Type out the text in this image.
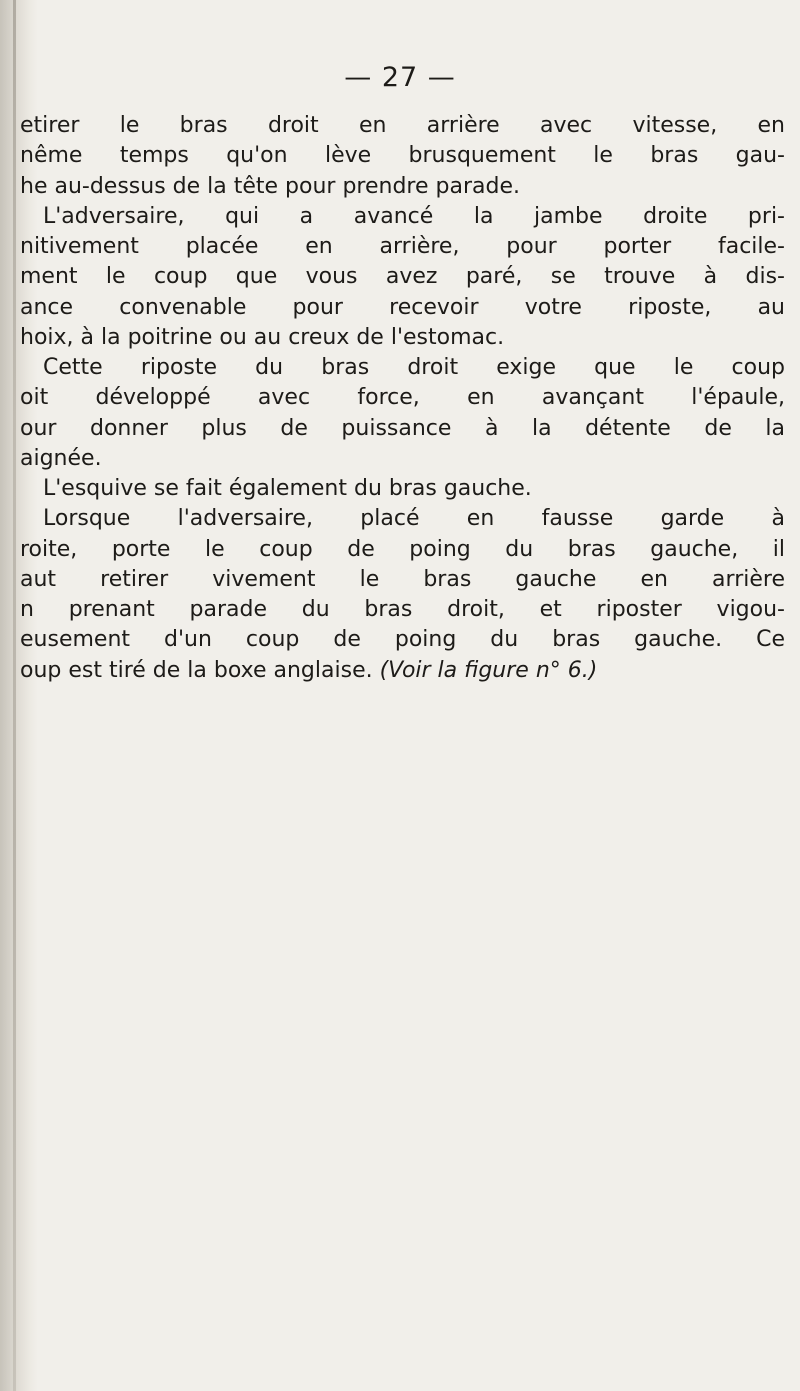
— 27 —
etirer le bras droit en arrière avec vitesse, en
nême temps qu'on lève brusquement le bras gau-
he au-dessus de la tête pour prendre parade.
L'adversaire, qui a avancé la jambe droite pri-
nitivement placée en arrière, pour porter facile-
ment le coup que vous avez paré, se trouve à dis-
ance convenable pour recevoir votre riposte, au
hoix, à la poitrine ou au creux de l'estomac.
Cette riposte du bras droit exige que le coup
oit développé avec force, en avançant l'épaule,
our donner plus de puissance à la détente de la
aignée.
L'esquive se fait également du bras gauche.
Lorsque l'adversaire, placé en fausse garde à
roite, porte le coup de poing du bras gauche, il
aut retirer vivement le bras gauche en arrière
n prenant parade du bras droit, et riposter vigou-
eusement d'un coup de poing du bras gauche. Ce
oup est tiré de la boxe anglaise. (Voir la figure n° 6.)
